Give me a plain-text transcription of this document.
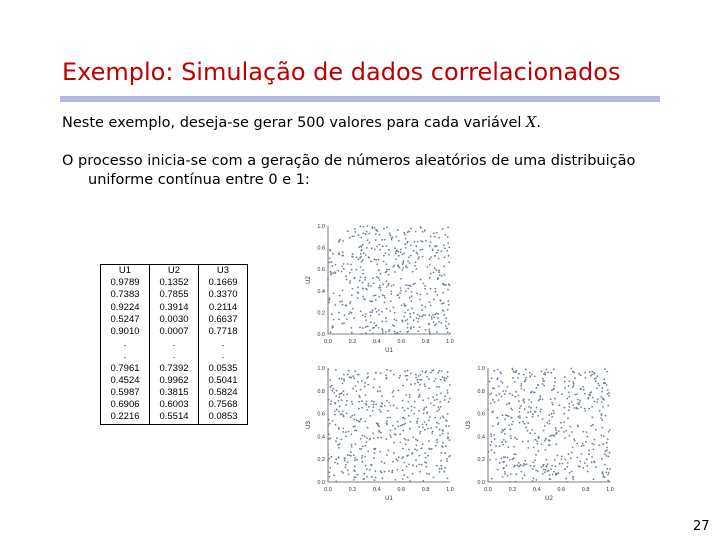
Exemplo: Simulação de dados correlacionados
Neste exemplo, deseja-se gerar 500 valores para cada variável X.
O processo inicia-se com a geração de números aleatórios de uma distribuição
uniforme contínua entre 0 e 1:
U1	U2	U3
0.9789	0.1352	0.1669
0.7383	0.7855	0.3370
0.9224	0.3914	0.2114
0.5247	0.0030	0.6637
0.9010	0.0007	0.7718
.	.	.
.	.	.
0.7961	0.7392	0.0535
0.4524	0.9962	0.5041
0.5987	0.3815	0.5824
0.6906	0.6003	0.7568
0.2216	0.5514	0.0853
0.0	0.2	0.4	0.6	0.8	1.0
0.0
0.2
0.4
0.6
0.8
1.0
U1
U2
0.0	0.2	0.4	0.6	0.8	1.0
0.0
0.2
0.4
0.6
0.8
1.0
U1
U3
0.0	0.2	0.4	0.6	0.8	1.0
0.0
0.2
0.4
0.6
0.8
1.0
U2
U3
27
